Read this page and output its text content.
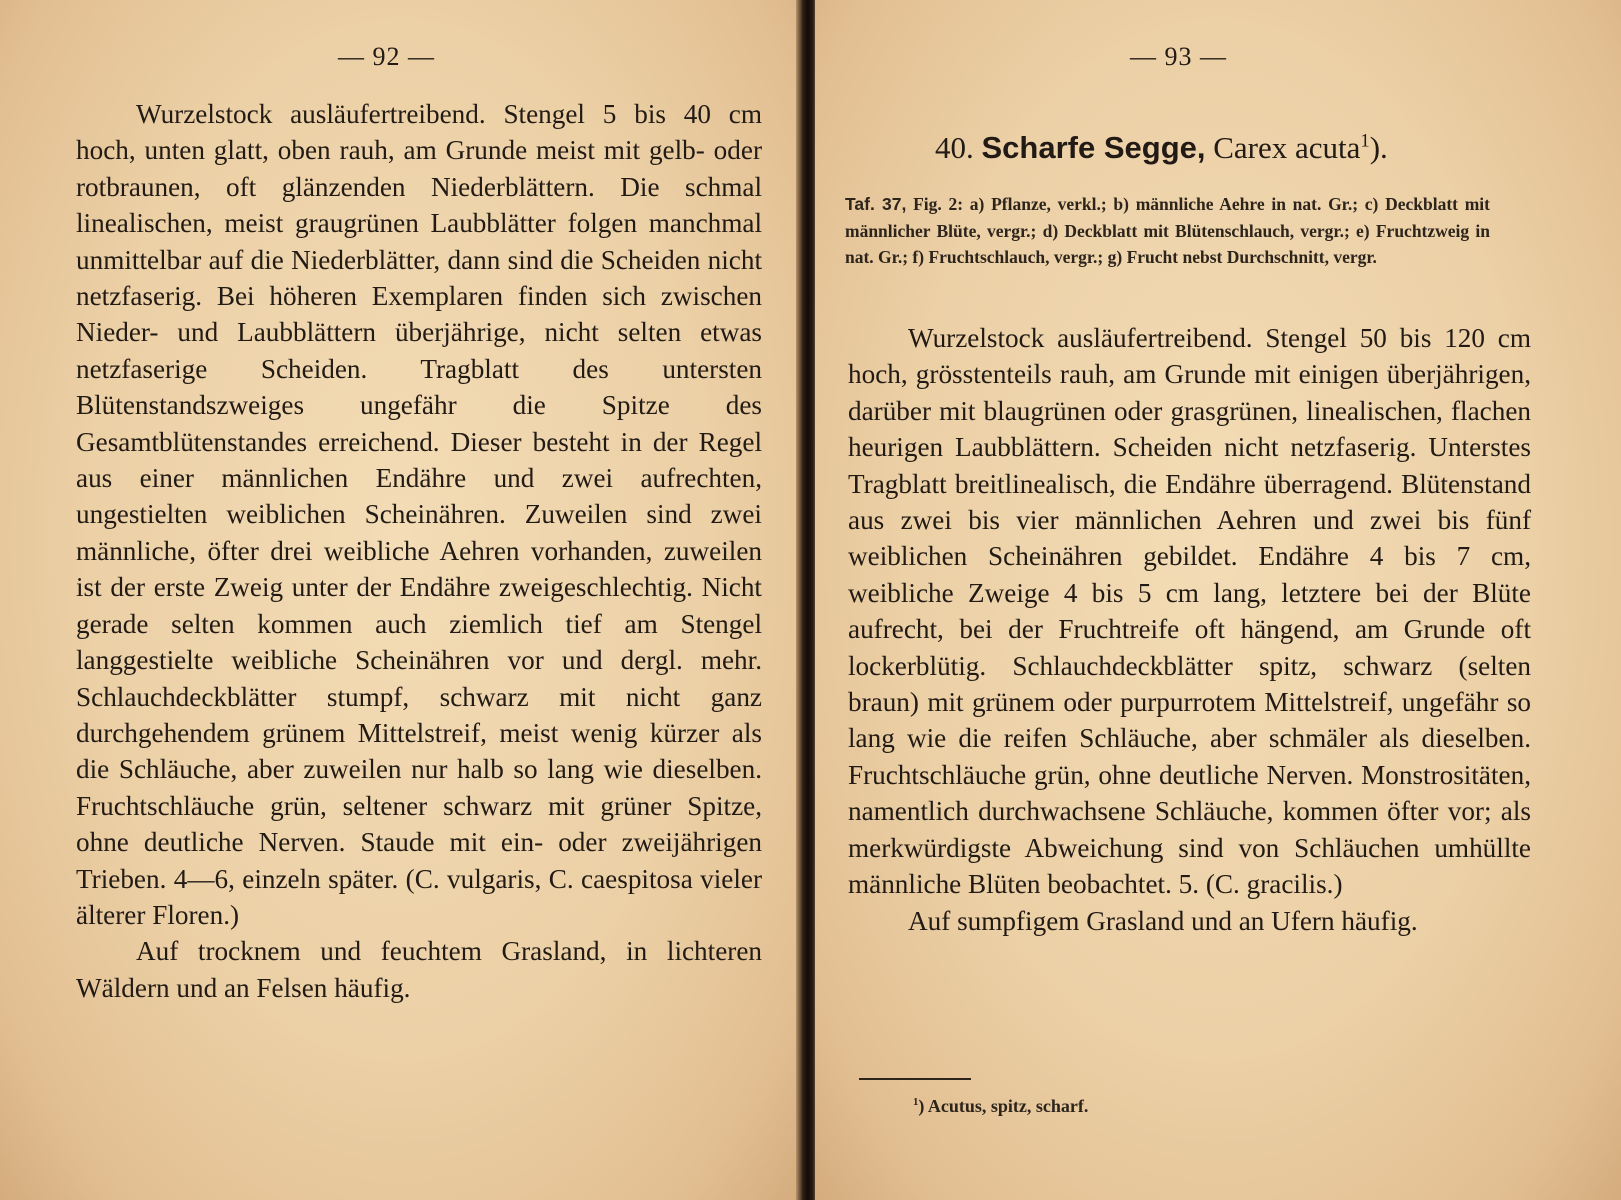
— 92 —

Wurzelstock ausläufertreibend. Stengel 5 bis 40 cm hoch, unten glatt, oben rauh, am Grunde meist mit gelb- oder rotbraunen, oft glänzenden Niederblättern. Die schmal linealischen, meist graugrünen Laubblätter folgen manchmal unmittelbar auf die Niederblätter, dann sind die Scheiden nicht netzfaserig. Bei höheren Exemplaren finden sich zwischen Nieder- und Laubblättern überjährige, nicht selten etwas netzfaserige Scheiden. Tragblatt des untersten Blütenstandszweiges ungefähr die Spitze des Gesamtblütenstandes erreichend. Dieser besteht in der Regel aus einer männlichen Endähre und zwei aufrechten, ungestielten weiblichen Scheinähren. Zuweilen sind zwei männliche, öfter drei weibliche Aehren vorhanden, zuweilen ist der erste Zweig unter der Endähre zweigeschlechtig. Nicht gerade selten kommen auch ziemlich tief am Stengel langgestielte weibliche Scheinähren vor und dergl. mehr. Schlauchdeckblätter stumpf, schwarz mit nicht ganz durchgehendem grünem Mittelstreif, meist wenig kürzer als die Schläuche, aber zuweilen nur halb so lang wie dieselben. Fruchtschläuche grün, seltener schwarz mit grüner Spitze, ohne deutliche Nerven. Staude mit ein- oder zweijährigen Trieben. 4—6, einzeln später. (C. vulgaris, C. caespitosa vieler älterer Floren.)

Auf trocknem und feuchtem Grasland, in lichteren Wäldern und an Felsen häufig.

— 93 —
40. Scharfe Segge, Carex acuta$^1$).
Taf. 37, Fig. 2: a) Pflanze, verkl.; b) männliche Aehre in nat. Gr.; c) Deckblatt mit männlicher Blüte, vergr.; d) Deckblatt mit Blütenschlauch, vergr.; e) Fruchtzweig in nat. Gr.; f) Fruchtschlauch, vergr.; g) Frucht nebst Durchschnitt, vergr.

Wurzelstock ausläufertreibend. Stengel 50 bis 120 cm hoch, grösstenteils rauh, am Grunde mit einigen überjährigen, darüber mit blaugrünen oder grasgrünen, linealischen, flachen heurigen Laubblättern. Scheiden nicht netzfaserig. Unterstes Tragblatt breitlinealisch, die Endähre überragend. Blütenstand aus zwei bis vier männlichen Aehren und zwei bis fünf weiblichen Scheinähren gebildet. Endähre 4 bis 7 cm, weibliche Zweige 4 bis 5 cm lang, letztere bei der Blüte aufrecht, bei der Fruchtreife oft hängend, am Grunde oft lockerblütig. Schlauchdeckblätter spitz, schwarz (selten braun) mit grünem oder purpurrotem Mittelstreif, ungefähr so lang wie die reifen Schläuche, aber schmäler als dieselben. Fruchtschläuche grün, ohne deutliche Nerven. Monstrositäten, namentlich durchwachsene Schläuche, kommen öfter vor; als merkwürdigste Abweichung sind von Schläuchen umhüllte männliche Blüten beobachtet. 5. (C. gracilis.)

Auf sumpfigem Grasland und an Ufern häufig.

$^1$) Acutus, spitz, scharf.
